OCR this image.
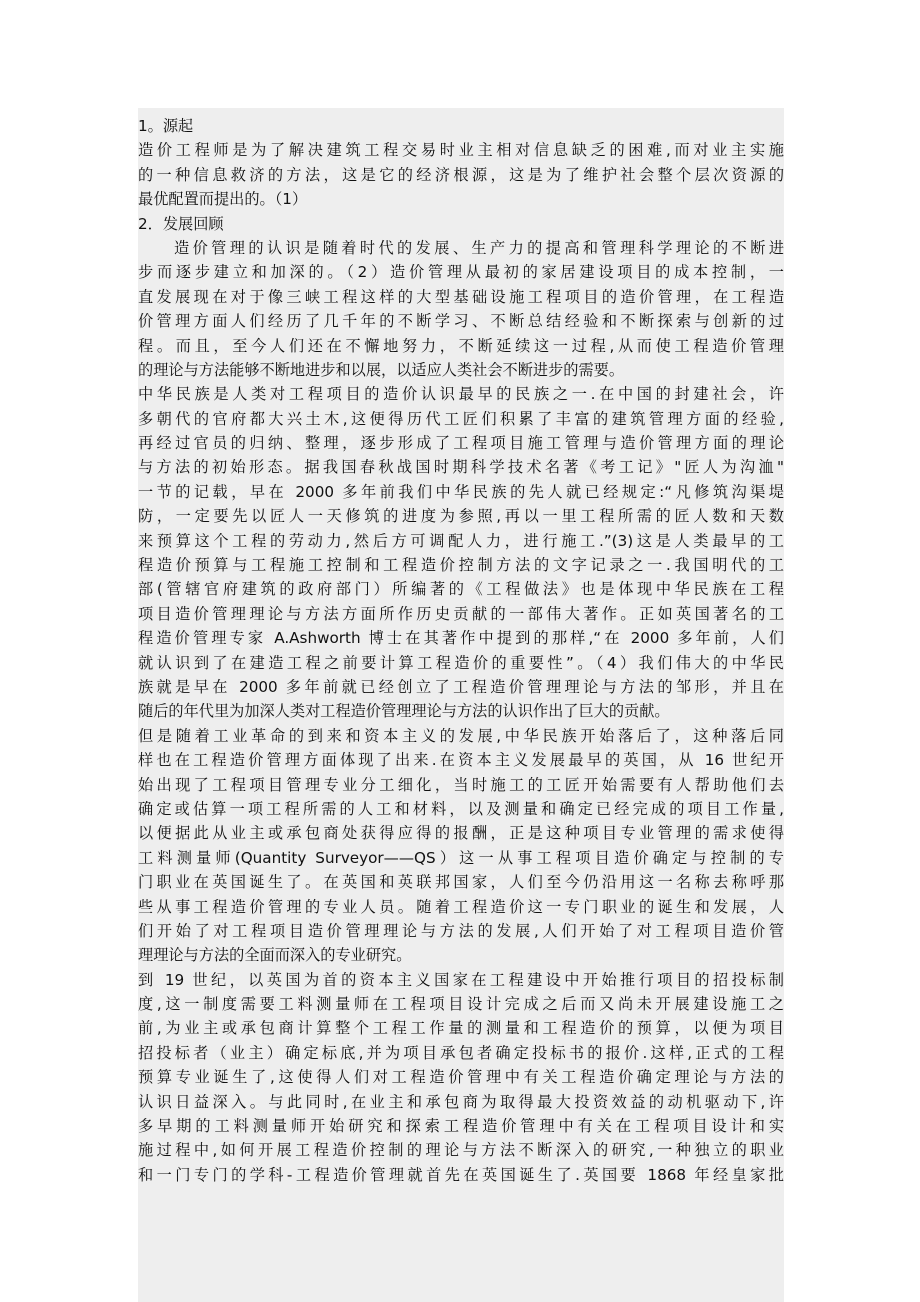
1。源起
造价工程师是为了解决建筑工程交易时业主相对信息缺乏的困难,而对业主实施
的一种信息救济的方法，这是它的经济根源，这是为了维护社会整个层次资源的
最优配置而提出的。（1）
2．发展回顾
造价管理的认识是随着时代的发展、生产力的提高和管理科学理论的不断进
步而逐步建立和加深的。（2）造价管理从最初的家居建设项目的成本控制，一
直发展现在对于像三峡工程这样的大型基础设施工程项目的造价管理，在工程造
价管理方面人们经历了几千年的不断学习、不断总结经验和不断探索与创新的过
程。而且，至今人们还在不懈地努力，不断延续这一过程,从而使工程造价管理
的理论与方法能够不断地进步和以展，以适应人类社会不断进步的需要。
中华民族是人类对工程项目的造价认识最早的民族之一.在中国的封建社会，许
多朝代的官府都大兴土木,这便得历代工匠们积累了丰富的建筑管理方面的经验,
再经过官员的归纳、整理，逐步形成了工程项目施工管理与造价管理方面的理论
与方法的初始形态。据我国春秋战国时期科学技术名著《考工记》"匠人为沟洫"
一节的记载，早在 2000 多年前我们中华民族的先人就已经规定:“凡修筑沟渠堤
防，一定要先以匠人一天修筑的进度为参照,再以一里工程所需的匠人数和天数
来预算这个工程的劳动力,然后方可调配人力，进行施工.”(3)这是人类最早的工
程造价预算与工程施工控制和工程造价控制方法的文字记录之一.我国明代的工
部(管辖官府建筑的政府部门）所编著的《工程做法》也是体现中华民族在工程
项目造价管理理论与方法方面所作历史贡献的一部伟大著作。正如英国著名的工
程造价管理专家 A.Ashworth 博士在其著作中提到的那样,“在 2000 多年前，人们
就认识到了在建造工程之前要计算工程造价的重要性”。（4）我们伟大的中华民
族就是早在 2000 多年前就已经创立了工程造价管理理论与方法的邹形，并且在
随后的年代里为加深人类对工程造价管理理论与方法的认识作出了巨大的贡献。
但是随着工业革命的到来和资本主义的发展,中华民族开始落后了，这种落后同
样也在工程造价管理方面体现了出来.在资本主义发展最早的英国，从 16 世纪开
始出现了工程项目管理专业分工细化，当时施工的工匠开始需要有人帮助他们去
确定或估算一项工程所需的人工和材料，以及测量和确定已经完成的项目工作量,
以便据此从业主或承包商处获得应得的报酬，正是这种项目专业管理的需求使得
工料测量师(Quantity Surveyor——QS）这一从事工程项目造价确定与控制的专
门职业在英国诞生了。在英国和英联邦国家，人们至今仍沿用这一名称去称呼那
些从事工程造价管理的专业人员。随着工程造价这一专门职业的诞生和发展，人
们开始了对工程项目造价管理理论与方法的发展,人们开始了对工程项目造价管
理理论与方法的全面而深入的专业研究。
到 19 世纪，以英国为首的资本主义国家在工程建设中开始推行项目的招投标制
度,这一制度需要工料测量师在工程项目设计完成之后而又尚未开展建设施工之
前,为业主或承包商计算整个工程工作量的测量和工程造价的预算，以便为项目
招投标者（业主）确定标底,并为项目承包者确定投标书的报价.这样,正式的工程
预算专业诞生了,这使得人们对工程造价管理中有关工程造价确定理论与方法的
认识日益深入。与此同时,在业主和承包商为取得最大投资效益的动机驱动下,许
多早期的工料测量师开始研究和探索工程造价管理中有关在工程项目设计和实
施过程中,如何开展工程造价控制的理论与方法不断深入的研究,一种独立的职业
和一门专门的学科-工程造价管理就首先在英国诞生了.英国要 1868 年经皇家批
